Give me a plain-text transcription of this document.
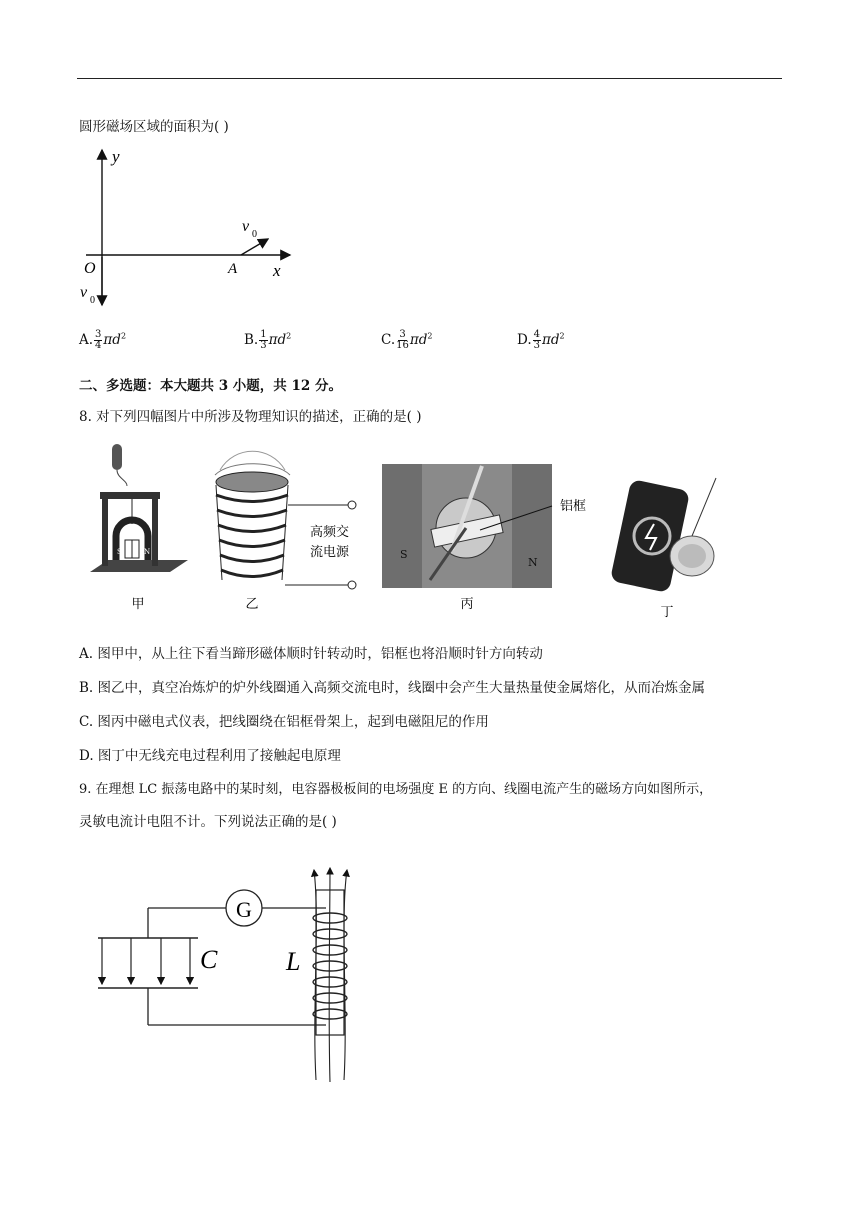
圆形磁场区域的面积为( )
y
x
O	A
v 0
v 0
A. $\frac{3}{4} \pi d^2$	B. $\frac{1}{3} \pi d^2$	C. $\frac{3}{16} \pi d^2$	D. $\frac{4}{3} \pi d^2$
二、多选题：本大题共 3 小题，共 12 分。
8. 对下列四幅图片中所涉及物理知识的描述，正确的是( )
S	N
高频交
流电源	S
N
铝框
甲	乙	丙
丁
A. 图甲中，从上往下看当蹄形磁体顺时针转动时，铝框也将沿顺时针方向转动
B. 图乙中，真空冶炼炉的炉外线圈通入高频交流电时，线圈中会产生大量热量使金属熔化，从而冶炼金属
C. 图丙中磁电式仪表，把线圈绕在铝框骨架上，起到电磁阻尼的作用
D. 图丁中无线充电过程利用了接触起电原理
9. 在理想 LC 振荡电路中的某时刻，电容器极板间的电场强度 E 的方向、线圈电流产生的磁场方向如图所示，
灵敏电流计电阻不计。下列说法正确的是( )
G
C	L
